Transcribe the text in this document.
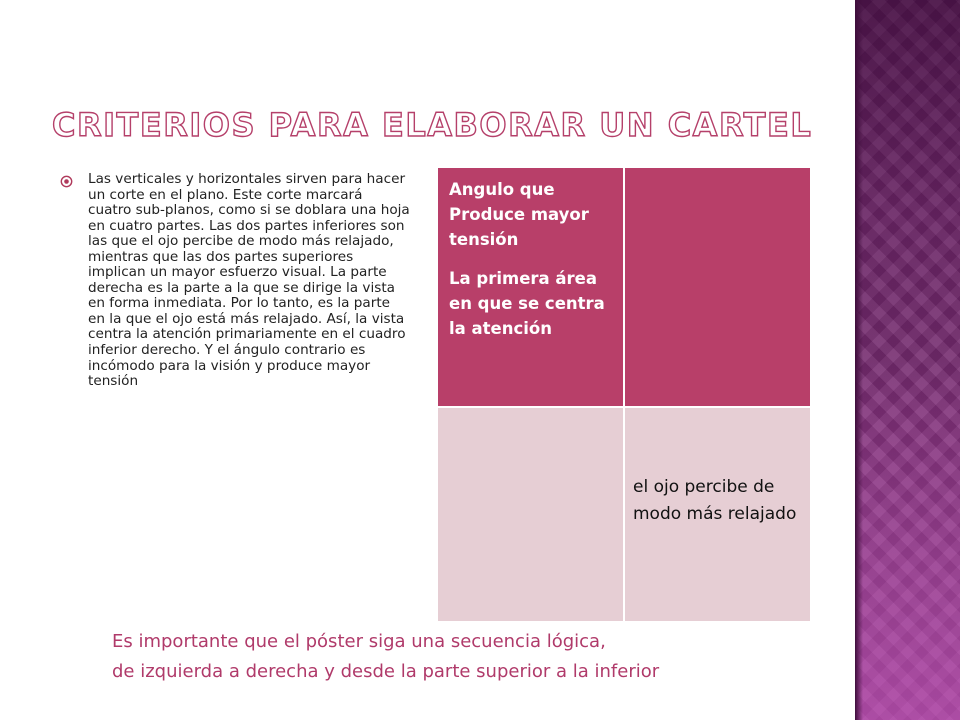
CRITERIOS PARA ELABORAR UN CARTEL

Las verticales y horizontales sirven para hacer un corte en el plano. Este corte marcará cuatro sub-planos, como si se doblara una hoja en cuatro partes. Las dos partes inferiores son las que el ojo percibe de modo más relajado, mientras que las dos partes superiores implican un mayor esfuerzo visual. La parte derecha es la parte a la que se dirige la vista en forma inmediata. Por lo tanto, es la parte en la que el ojo está más relajado. Así, la vista centra la atención primariamente en el cuadro inferior derecho. Y el ángulo contrario es incómodo para la visión y produce mayor tensión

Angulo que Produce mayor tensión

La primera área en que se centra la atención

el ojo percibe de modo más relajado

Es importante que el póster siga una secuencia lógica,
de izquierda a derecha y desde la parte superior a la inferior
